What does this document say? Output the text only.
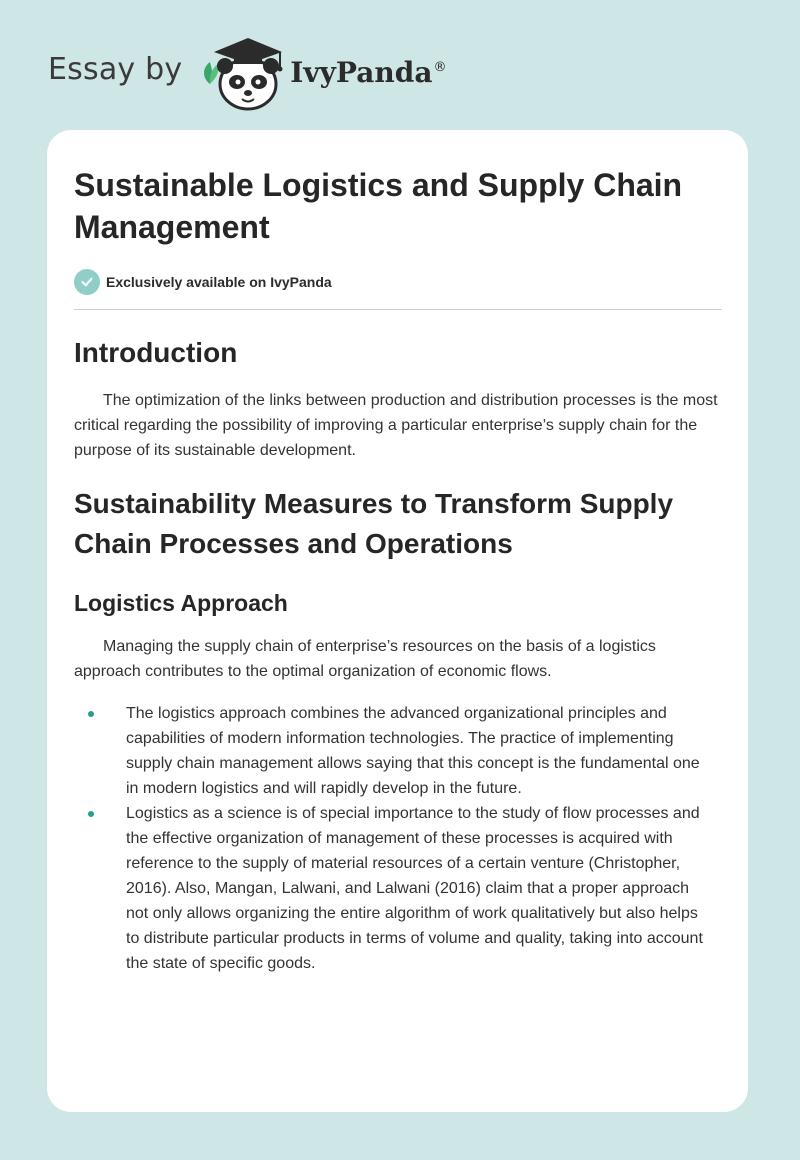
Essay by	IvyPanda®
Sustainable Logistics and Supply Chain Management
Exclusively available on IvyPanda
Introduction

The optimization of the links between production and distribution processes is the most critical regarding the possibility of improving a particular enterprise’s supply chain for the purpose of its sustainable development.

Sustainability Measures to Transform Supply Chain Processes and Operations
Logistics Approach

Managing the supply chain of enterprise’s resources on the basis of a logistics approach contributes to the optimal organization of economic flows.

The logistics approach combines the advanced organizational principles and capabilities of modern information technologies. The practice of implementing supply chain management allows saying that this concept is the fundamental one in modern logistics and will rapidly develop in the future.
Logistics as a science is of special importance to the study of flow processes and the effective organization of management of these processes is acquired with reference to the supply of material resources of a certain venture (Christopher, 2016). Also, Mangan, Lalwani, and Lalwani (2016) claim that a proper approach not only allows organizing the entire algorithm of work qualitatively but also helps to distribute particular products in terms of volume and quality, taking into account the state of specific goods.
